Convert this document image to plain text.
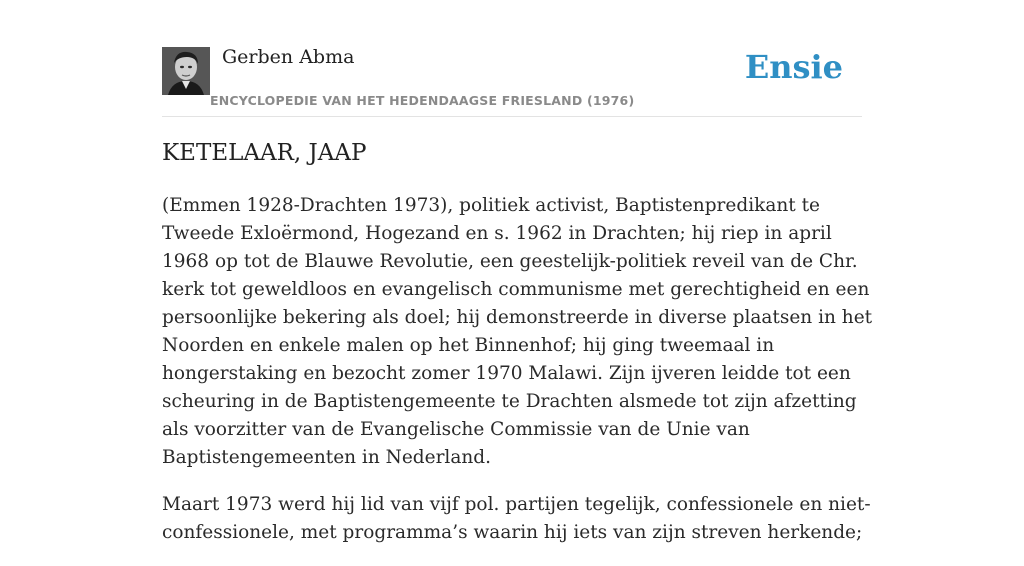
Gerben Abma
ENCYCLOPEDIE VAN HET HEDENDAAGSE FRIESLAND (1976)
Ensie
KETELAAR, JAAP

(Emmen 1928-Drachten 1973), politiek activist, Baptistenpredikant te Tweede Exloërmond, Hogezand en s. 1962 in Drachten; hij riep in april 1968 op tot de Blauwe Revolutie, een geestelijk-politiek reveil van de Chr. kerk tot geweldloos en evangelisch communisme met gerechtigheid en een persoonlijke bekering als doel; hij demonstreerde in diverse plaatsen in het Noorden en enkele malen op het Binnenhof; hij ging tweemaal in hongerstaking en bezocht zomer 1970 Malawi. Zijn ijveren leidde tot een scheuring in de Baptistengemeente te Drachten alsmede tot zijn afzetting als voorzitter van de Evangelische Commissie van de Unie van Baptistengemeenten in Nederland.

Maart 1973 werd hij lid van vijf pol. partijen tegelijk, confessionele en niet-confessionele, met programma’s waarin hij iets van zijn streven herkende;
